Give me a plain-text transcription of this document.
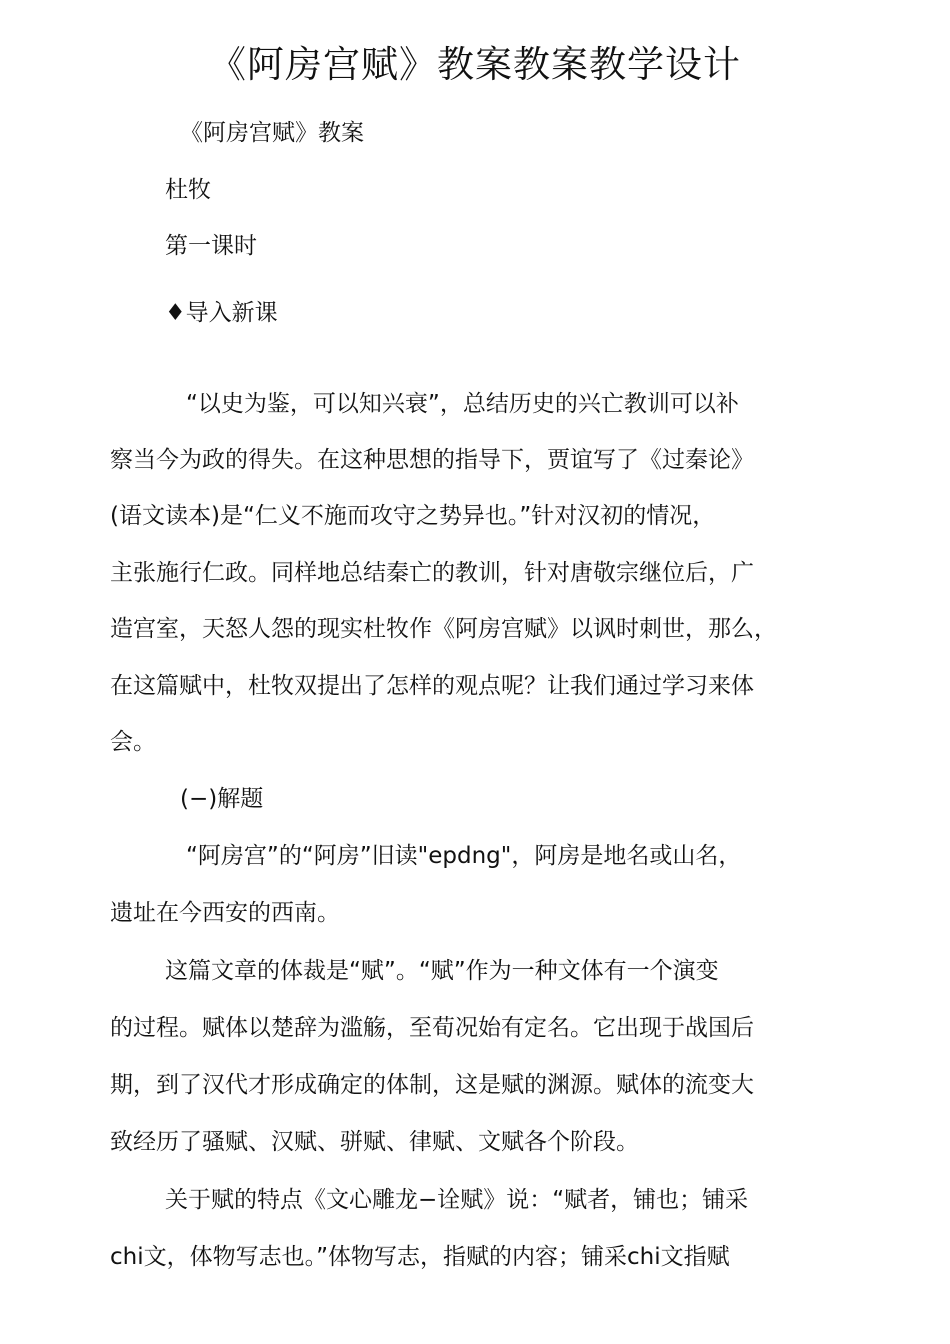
《阿房宫赋》教案教案教学设计
《阿房宫赋》教案
杜牧
第一课时
♦导入新课
“以史为鉴，可以知兴衰”，总结历史的兴亡教训可以补
察当今为政的得失。在这种思想的指导下，贾谊写了《过秦论》
(语文读本)是“仁义不施而攻守之势异也。”针对汉初的情况，
主张施行仁政。同样地总结秦亡的教训，针对唐敬宗继位后，广
造宫室，天怒人怨的现实杜牧作《阿房宫赋》以讽时刺世，那么，
在这篇赋中，杜牧双提出了怎样的观点呢？让我们通过学习来体
会。
(−)解题
“阿房宫”的“阿房”旧读"epdng"，阿房是地名或山名，
遗址在今西安的西南。
这篇文章的体裁是“赋”。“赋”作为一种文体有一个演变
的过程。赋体以楚辞为滥觞，至荀况始有定名。它出现于战国后
期，到了汉代才形成确定的体制，这是赋的渊源。赋体的流变大
致经历了骚赋、汉赋、骈赋、律赋、文赋各个阶段。
关于赋的特点《文心雕龙−诠赋》说：“赋者，铺也；铺采
chi文，体物写志也。”体物写志，指赋的内容；铺采chi文指赋
